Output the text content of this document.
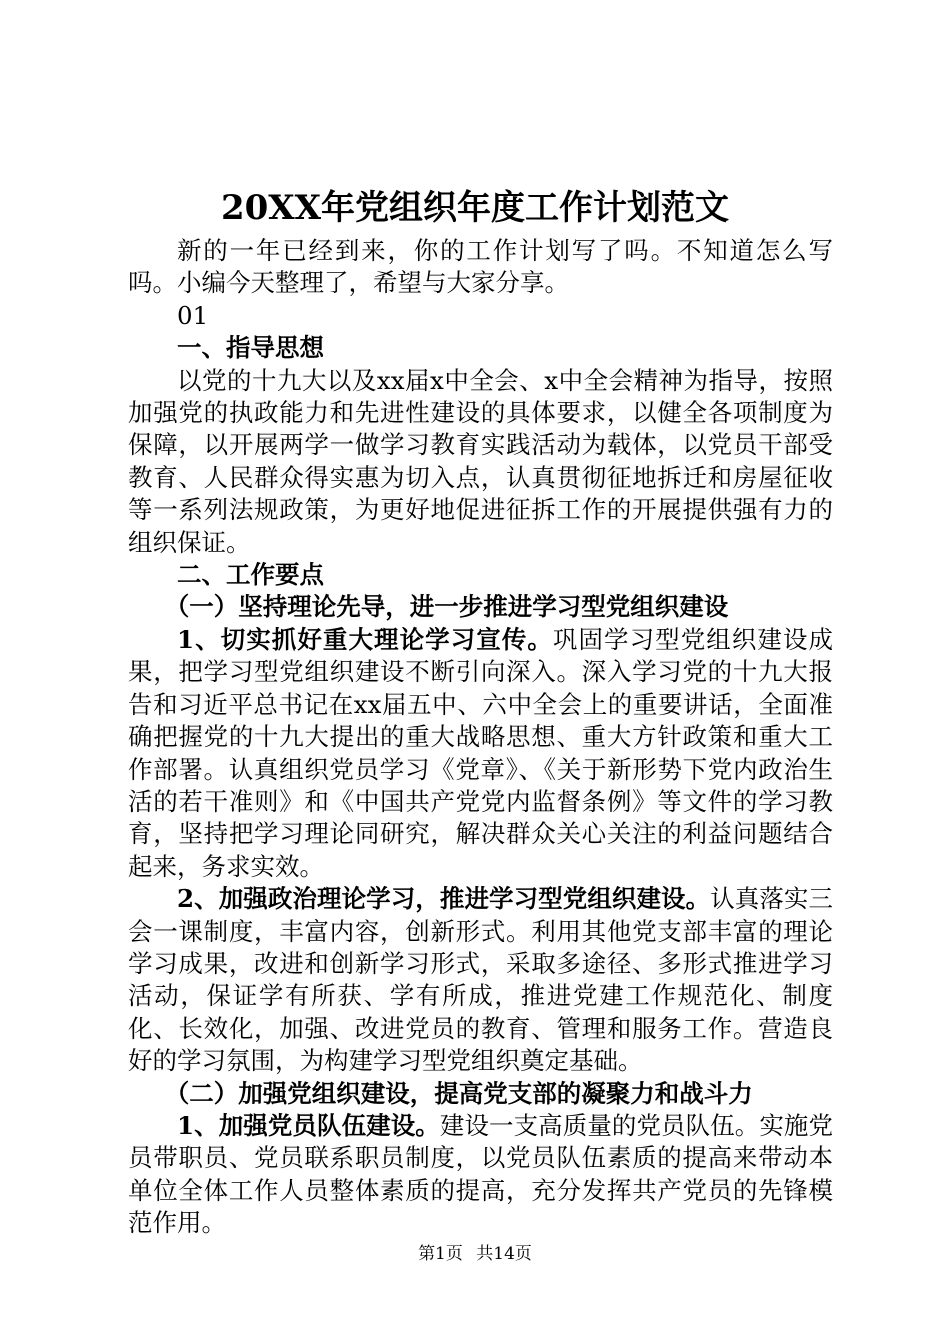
20XX年党组织年度工作计划范文

新的一年已经到来，你的工作计划写了吗。不知道怎么写吗。小编今天整理了，希望与大家分享。

01

一、指导思想

以党的十九大以及xx届x中全会、x中全会精神为指导，按照加强党的执政能力和先进性建设的具体要求，以健全各项制度为保障，以开展两学一做学习教育实践活动为载体，以党员干部受教育、人民群众得实惠为切入点，认真贯彻征地拆迁和房屋征收等一系列法规政策，为更好地促进征拆工作的开展提供强有力的组织保证。

二、工作要点

（一）坚持理论先导，进一步推进学习型党组织建设

1、切实抓好重大理论学习宣传。巩固学习型党组织建设成果，把学习型党组织建设不断引向深入。深入学习党的十九大报告和习近平总书记在xx届五中、六中全会上的重要讲话，全面准确把握党的十九大提出的重大战略思想、重大方针政策和重大工作部署。认真组织党员学习《党章》、《关于新形势下党内政治生活的若干准则》和《中国共产党党内监督条例》等文件的学习教育，坚持把学习理论同研究，解决群众关心关注的利益问题结合起来，务求实效。

2、加强政治理论学习，推进学习型党组织建设。认真落实三会一课制度，丰富内容，创新形式。利用其他党支部丰富的理论学习成果，改进和创新学习形式，采取多途径、多形式推进学习活动，保证学有所获、学有所成，推进党建工作规范化、制度化、长效化，加强、改进党员的教育、管理和服务工作。营造良好的学习氛围，为构建学习型党组织奠定基础。

（二）加强党组织建设，提高党支部的凝聚力和战斗力

1、加强党员队伍建设。建设一支高质量的党员队伍。实施党员带职员、党员联系职员制度，以党员队伍素质的提高来带动本单位全体工作人员整体素质的提高，充分发挥共产党员的先锋模范作用。

第1页 共14页
